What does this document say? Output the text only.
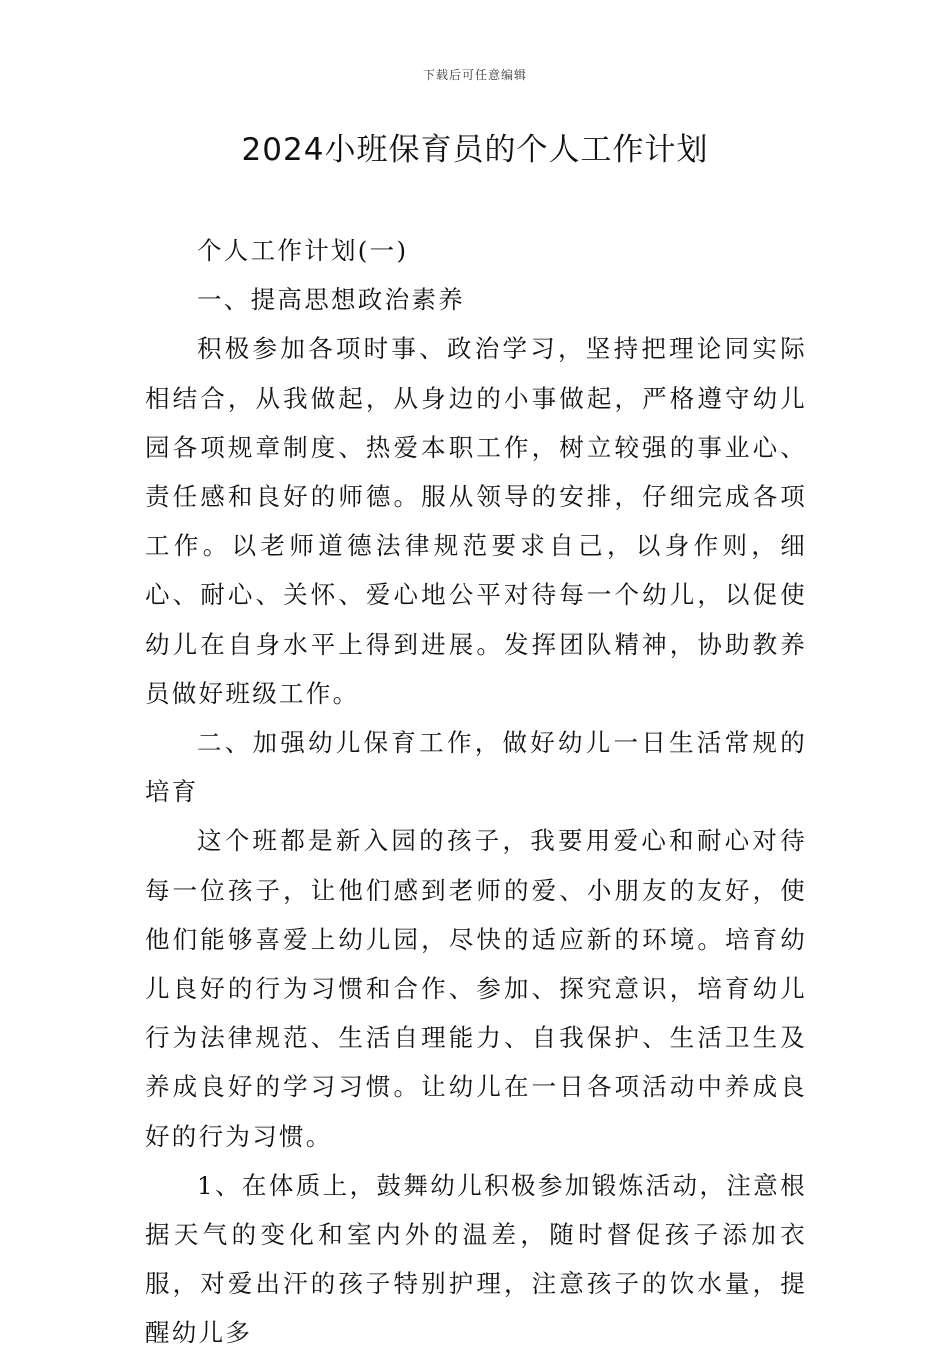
下载后可任意编辑
2024小班保育员的个人工作计划

个人工作计划(一)

一、提高思想政治素养

积极参加各项时事、政治学习，坚持把理论同实际相结合，从我做起，从身边的小事做起，严格遵守幼儿园各项规章制度、热爱本职工作，树立较强的事业心、责任感和良好的师德。服从领导的安排，仔细完成各项工作。以老师道德法律规范要求自己，以身作则，细心、耐心、关怀、爱心地公平对待每一个幼儿，以促使幼儿在自身水平上得到进展。发挥团队精神，协助教养员做好班级工作。

二、加强幼儿保育工作，做好幼儿一日生活常规的培育

这个班都是新入园的孩子，我要用爱心和耐心对待每一位孩子，让他们感到老师的爱、小朋友的友好，使他们能够喜爱上幼儿园，尽快的适应新的环境。培育幼儿良好的行为习惯和合作、参加、探究意识，培育幼儿行为法律规范、生活自理能力、自我保护、生活卫生及养成良好的学习习惯。让幼儿在一日各项活动中养成良好的行为习惯。

1、在体质上，鼓舞幼儿积极参加锻炼活动，注意根据天气的变化和室内外的温差，随时督促孩子添加衣服，对爱出汗的孩子特别护理，注意孩子的饮水量，提醒幼儿多
